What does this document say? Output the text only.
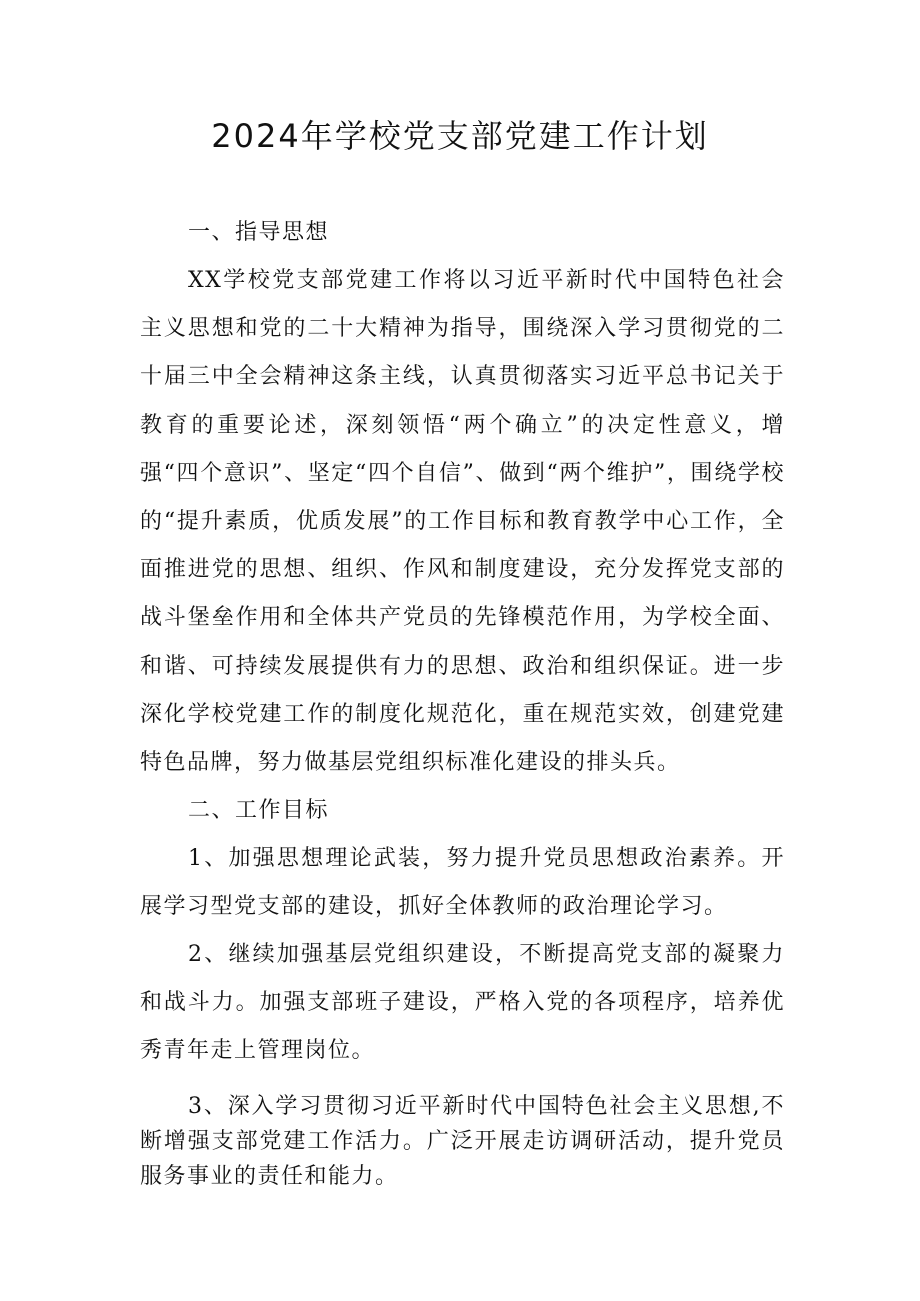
2024年学校党支部党建工作计划

一、指导思想

XX学校党支部党建工作将以习近平新时代中国特色社会主义思想和党的二十大精神为指导，围绕深入学习贯彻党的二十届三中全会精神这条主线，认真贯彻落实习近平总书记关于教育的重要论述，深刻领悟“两个确立”的决定性意义，增强“四个意识”、坚定“四个自信”、做到“两个维护”，围绕学校的“提升素质，优质发展”的工作目标和教育教学中心工作，全面推进党的思想、组织、作风和制度建设，充分发挥党支部的战斗堡垒作用和全体共产党员的先锋模范作用，为学校全面、和谐、可持续发展提供有力的思想、政治和组织保证。进一步深化学校党建工作的制度化规范化，重在规范实效，创建党建特色品牌，努力做基层党组织标准化建设的排头兵。

二、工作目标

1、加强思想理论武装，努力提升党员思想政治素养。开展学习型党支部的建设，抓好全体教师的政治理论学习。

2、继续加强基层党组织建设，不断提高党支部的凝聚力和战斗力。加强支部班子建设，严格入党的各项程序，培养优秀青年走上管理岗位。

3、深入学习贯彻习近平新时代中国特色社会主义思想,不断增强支部党建工作活力。广泛开展走访调研活动，提升党员服务事业的责任和能力。
